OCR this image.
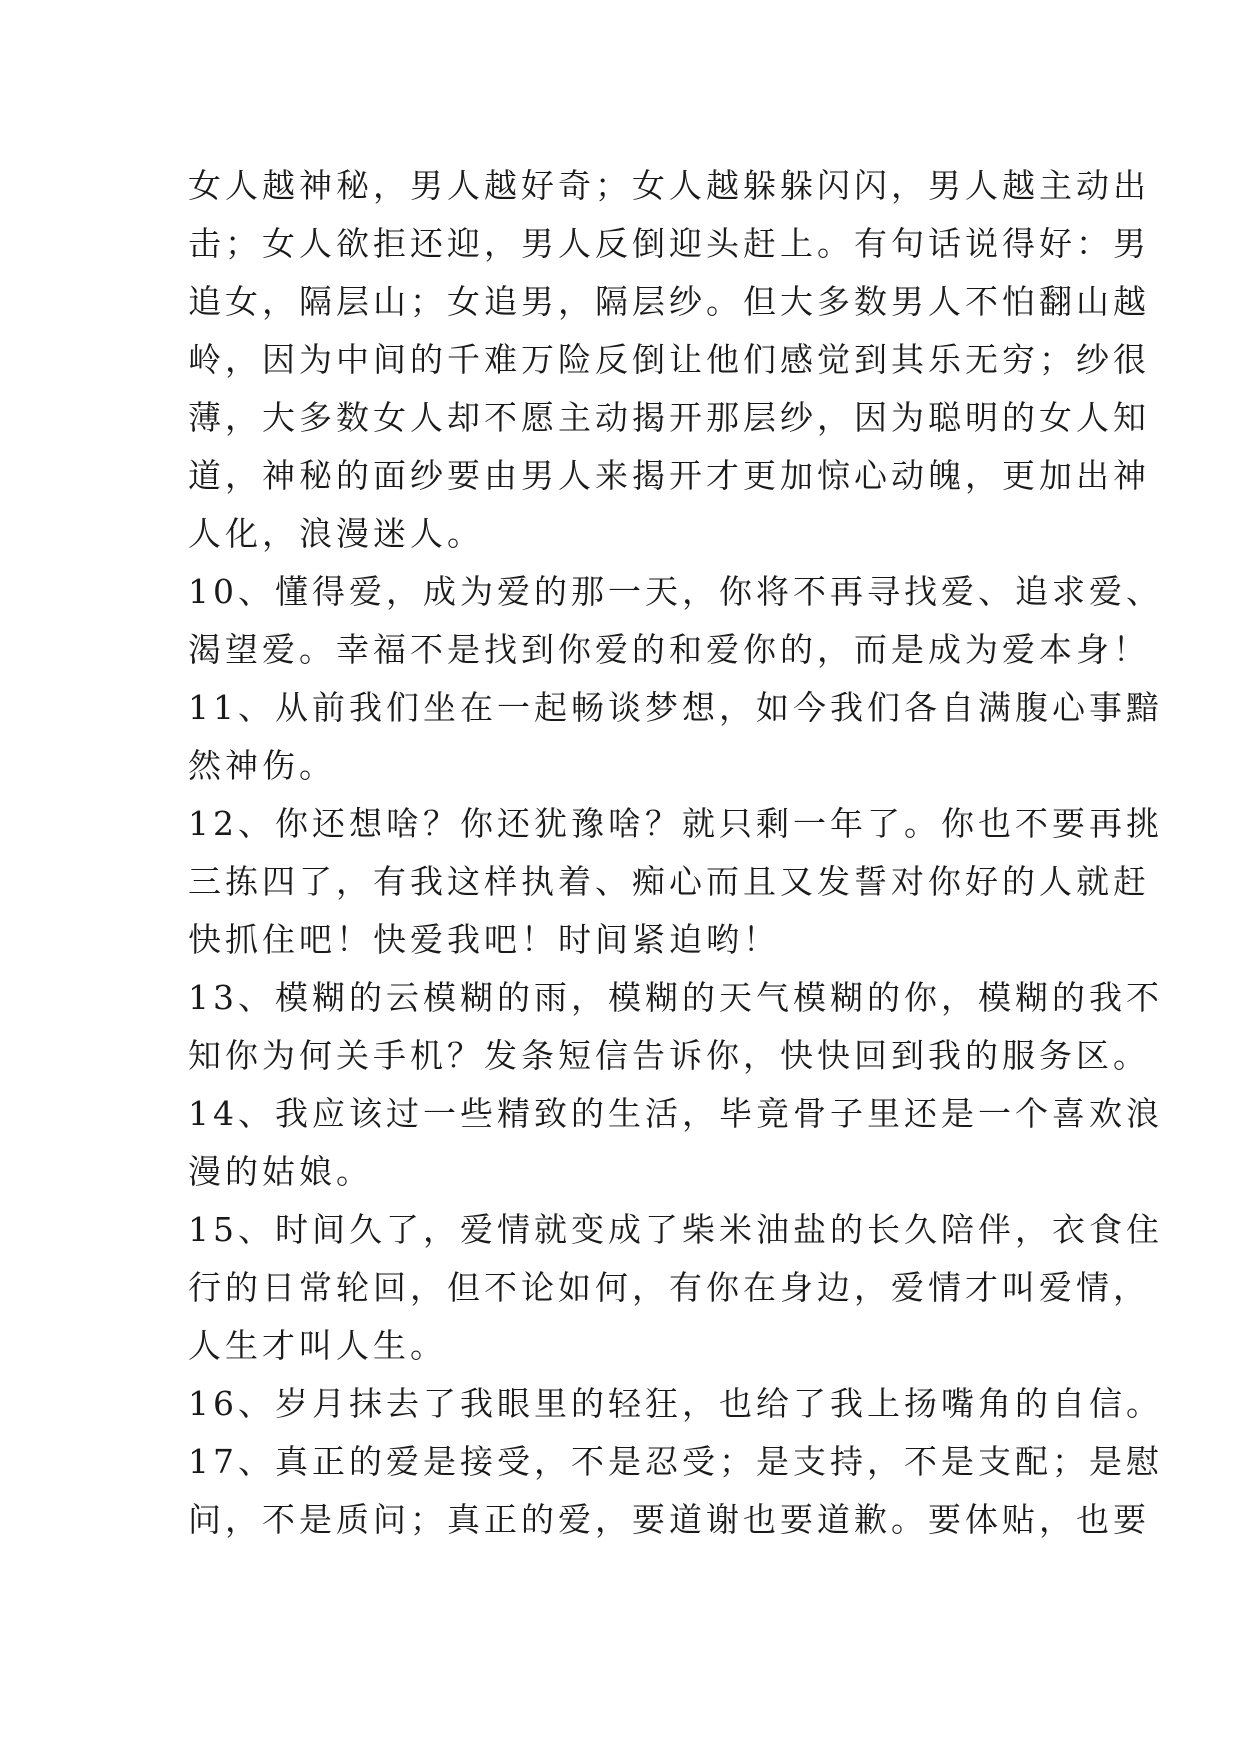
女人越神秘，男人越好奇；女人越躲躲闪闪，男人越主动出
击；女人欲拒还迎，男人反倒迎头赶上。有句话说得好：男
追女，隔层山；女追男，隔层纱。但大多数男人不怕翻山越
岭，因为中间的千难万险反倒让他们感觉到其乐无穷；纱很
薄，大多数女人却不愿主动揭开那层纱，因为聪明的女人知
道，神秘的面纱要由男人来揭开才更加惊心动魄，更加出神
人化，浪漫迷人。
10、懂得爱，成为爱的那一天，你将不再寻找爱、追求爱、
渴望爱。幸福不是找到你爱的和爱你的，而是成为爱本身！
11、从前我们坐在一起畅谈梦想，如今我们各自满腹心事黯
然神伤。
12、你还想啥？你还犹豫啥？就只剩一年了。你也不要再挑
三拣四了，有我这样执着、痴心而且又发誓对你好的人就赶
快抓住吧！快爱我吧！时间紧迫哟！
13、模糊的云模糊的雨，模糊的天气模糊的你，模糊的我不
知你为何关手机？发条短信告诉你，快快回到我的服务区。
14、我应该过一些精致的生活，毕竟骨子里还是一个喜欢浪
漫的姑娘。
15、时间久了，爱情就变成了柴米油盐的长久陪伴，衣食住
行的日常轮回，但不论如何，有你在身边，爱情才叫爱情，
人生才叫人生。
16、岁月抹去了我眼里的轻狂，也给了我上扬嘴角的自信。
17、真正的爱是接受，不是忍受；是支持，不是支配；是慰
问，不是质问；真正的爱，要道谢也要道歉。要体贴，也要
